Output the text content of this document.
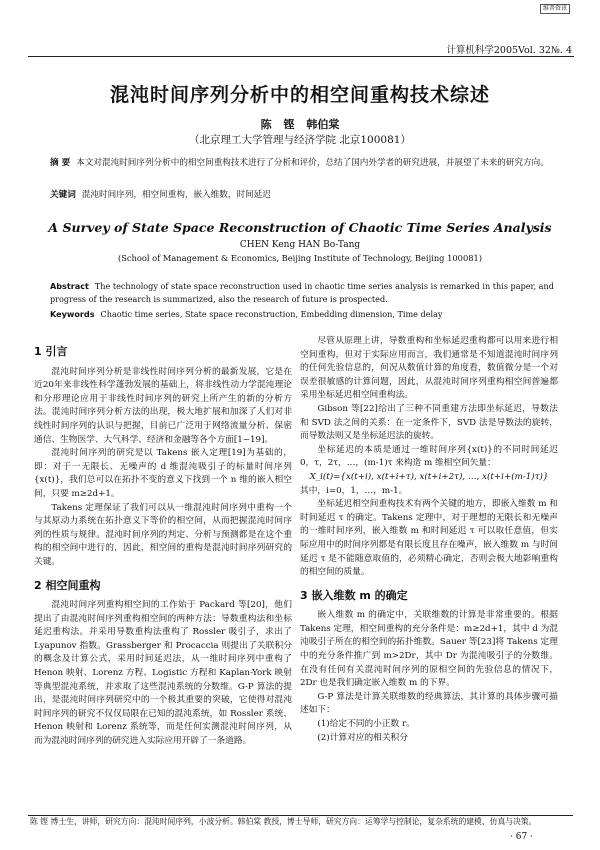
维普资讯
计算机科学2005Vol. 32№. 4
混沌时间序列分析中的相空间重构技术综述
陈 铿 韩伯棠
（北京理工大学管理与经济学院 北京100081）
摘 要 本文对混沌时间序列分析中的相空间重构技术进行了分析和评价，总结了国内外学者的研究进展，并展望了未来的研究方向。
关键词 混沌时间序列，相空间重构，嵌入维数，时间延迟
A Survey of State Space Reconstruction of Chaotic Time Series Analysis
CHEN Keng HAN Bo-Tang
(School of Management & Economics, Beijing Institute of Technology, Beijing 100081)
Abstract The technology of state space reconstruction used in chaotic time series analysis is remarked in this paper, and progress of the research is summarized, also the research of future is prospected.
Keywords Chaotic time series, State space reconstruction, Embedding dimension, Time delay

1 引言

混沌时间序列分析是非线性时间序列分析的最新发展，它是在近20年来非线性科学蓬勃发展的基础上，将非线性动力学混沌理论和分形理论应用于非线性时间序列的研究上所产生的新的分析方法。混沌时间序列分析方法的出现，极大地扩展和加深了人们对非线性时间序列的认识与把握，目前已广泛用于网络流量分析、保密通信、生物医学、大气科学、经济和金融等各个方面[1~19]。

混沌时间序列的研究是以 Takens 嵌入定理[19]为基础的，即：对于一无限长、无噪声的 d 维混沌吸引子的标量时间序列{x(t)}，我们总可以在拓扑不变的意义下找到一个 n 维的嵌入相空间，只要 m≥2d+1。

Takens 定理保证了我们可以从一维混沌时间序列中重构一个与其原动力系统在拓扑意义下等价的相空间，从而把握混沌时间序列的性质与规律。混沌时间序列的判定、分析与预测都是在这个重构的相空间中进行的，因此，相空间的重构是混沌时间序列研究的关键。

2 相空间重构

混沌时间序列重构相空间的工作始于 Packard 等[20]，他们提出了由混沌时间序列重构相空间的两种方法：导数重构法和坐标延迟重构法。并采用导数重构法重构了 Rossler 吸引子，求出了 Lyapunov 指数。Grassberger 和 Procaccia 则提出了关联积分的概念及计算公式，采用时间延迟法，从一维时间序列中重构了 Henon 映射、Lorenz 方程、Logistic 方程和 Kaplan-York 映射等典型混沌系统，并求取了这些混沌系统的分数维。G-P 算法的提出，是混沌时间序列研究中的一个极其重要的突破，它使得对混沌时间序列的研究不仅仅局限在已知的混沌系统，如 Rossler 系统、Henon 映射和 Lorenz 系统等，而是任何实测混沌时间序列，从而为混沌时间序列的研究进入实际应用开辟了一条道路。

尽管从原理上讲，导数重构和坐标延迟重构都可以用来进行相空间重构，但对于实际应用而言，我们通常是不知道混沌时间序列的任何先验信息的，何况从数值计算的角度看，数值微分是一个对误差很敏感的计算问题，因此，从混沌时间序列重构相空间普遍都采用坐标延迟相空间重构法。

Gibson 等[22]给出了三种不同重建方法即坐标延迟，导数法和 SVD 法之间的关系：在一定条件下，SVD 法是导数法的旋转，而导数法则又是坐标延迟法的旋转。

坐标延迟的本质是通过一维时间序列{x(t)}的不同时间延迟 0，τ，2τ，…，(m-1)τ 来构造 m 维相空间矢量：

X_i(t)={x(t+i), x(t+i+τ), x(t+i+2τ), …, x(t+i+(m-1)τ)}

其中，i=0，1，…，m-1。

坐标延迟相空间重构技术有两个关键的地方，即嵌入维数 m 和时间延迟 τ 的确定。Takens 定理中，对于理想的无限长和无噪声的一维时间序列，嵌入维数 m 和时间延迟 τ 可以取任意值，但实际应用中的时间序列都是有限长度且存在噪声，嵌入维数 m 与时间延迟 τ 是不能随意取值的，必须精心确定，否则会极大地影响重构的相空间的质量。

3 嵌入维数 m 的确定

嵌入维数 m 的确定中，关联维数的计算是非常重要的。根据 Takens 定理，相空间重构的充分条件是：m≥2d+1，其中 d 为混沌吸引子所在的相空间的拓扑维数。Sauer 等[23]将 Takens 定理中的充分条件推广到 m>2Dr，其中 Dr 为混沌吸引子的分数维。在没有任何有关混沌时间序列的原相空间的先验信息的情况下，2Dr 也是我们确定嵌入维数 m 的下界。

G-P 算法是计算关联维数的经典算法，其计算的具体步骤可描述如下：

(1)给定不同的小正数 r。

(2)计算对应的相关积分

陈 铿 博士生，讲师，研究方向：混沌时间序列，小波分析。韩伯棠 教授，博士导师，研究方向：运筹学与控制论，复杂系统的建模、仿真与决策。
· 67 ·
